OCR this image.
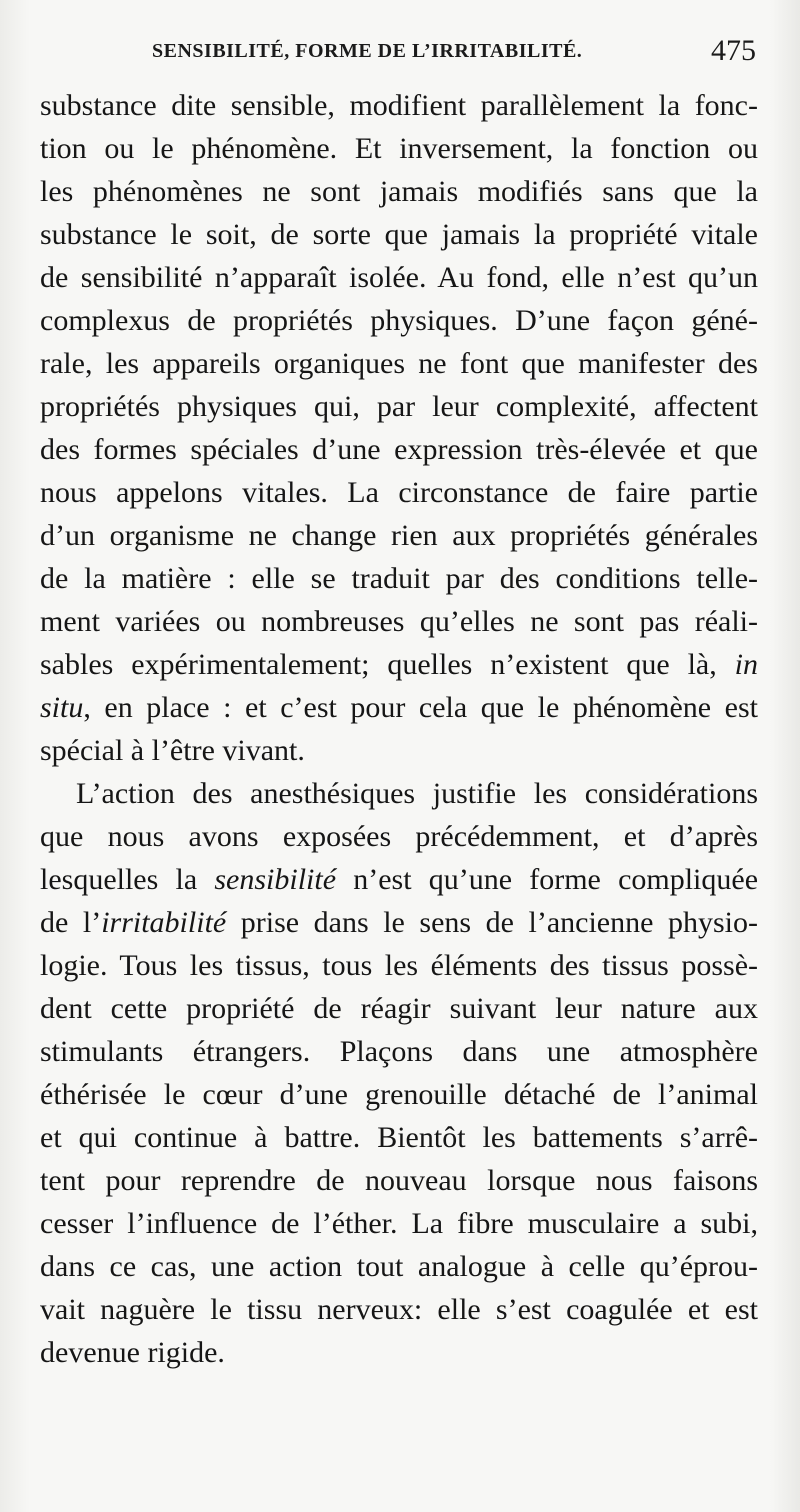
SENSIBILITÉ, FORME DE L’IRRITABILITÉ.	475
substance dite sensible, modifient parallèlement la fonc-
tion ou le phénomène. Et inversement, la fonction ou
les phénomènes ne sont jamais modifiés sans que la
substance le soit, de sorte que jamais la propriété vitale
de sensibilité n’apparaît isolée. Au fond, elle n’est qu’un
complexus de propriétés physiques. D’une façon géné-
rale, les appareils organiques ne font que manifester des
propriétés physiques qui, par leur complexité, affectent
des formes spéciales d’une expression très-élevée et que
nous appelons vitales. La circonstance de faire partie
d’un organisme ne change rien aux propriétés générales
de la matière : elle se traduit par des conditions telle-
ment variées ou nombreuses qu’elles ne sont pas réali-
sables expérimentalement; quelles n’existent que là, in
situ, en place : et c’est pour cela que le phénomène est
spécial à l’être vivant.
L’action des anesthésiques justifie les considérations
que nous avons exposées précédemment, et d’après
lesquelles la sensibilité n’est qu’une forme compliquée
de l’irritabilité prise dans le sens de l’ancienne physio-
logie. Tous les tissus, tous les éléments des tissus possè-
dent cette propriété de réagir suivant leur nature aux
stimulants étrangers. Plaçons dans une atmosphère
éthérisée le cœur d’une grenouille détaché de l’animal
et qui continue à battre. Bientôt les battements s’arrê-
tent pour reprendre de nouveau lorsque nous faisons
cesser l’influence de l’éther. La fibre musculaire a subi,
dans ce cas, une action tout analogue à celle qu’éprou-
vait naguère le tissu nerveux: elle s’est coagulée et est
devenue rigide.
